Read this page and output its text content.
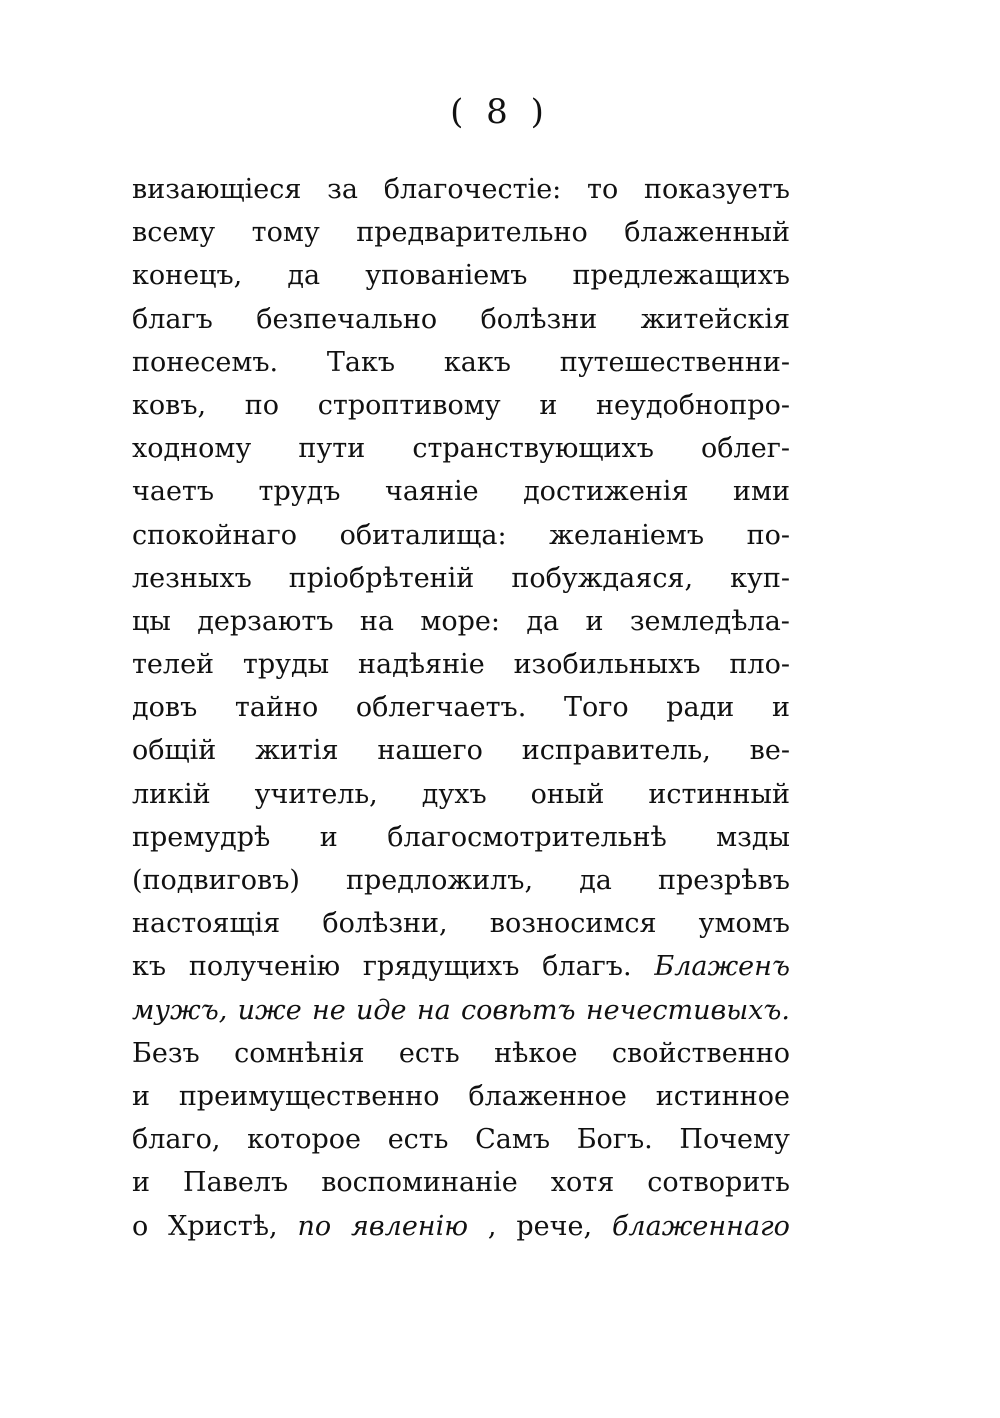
( 8 )
визающіеся за благочестіе: то показуетъ
всему тому предварительно блаженный
конецъ, да упованіемъ предлежащихъ
благъ безпечально болѣзни житейскія
понесемъ. Такъ какъ путешественни-
ковъ, по строптивому и неудобнопро-
ходному пути странствующихъ облег-
чаетъ трудъ чаяніе достиженія ими
спокойнаго обиталища: желаніемъ по-
лезныхъ пріобрѣтеній побуждаяся, куп-
цы дерзаютъ на море: да и земледѣла-
телей труды надѣяніе изобильныхъ пло-
довъ тайно облегчаетъ. Того ради и
общій житія нашего исправитель, ве-
ликій учитель, духъ оный истинный
премудрѣ и благосмотрительнѣ мзды
(подвиговъ) предложилъ, да презрѣвъ
настоящія болѣзни, возносимся умомъ
къ полученію грядущихъ благъ. Блаженъ
мужъ, иже не иде на совѣтъ нечестивыхъ.
Безъ сомнѣнія есть нѣкое свойственно
и преимущественно блаженное истинное
благо, которое есть Самъ Богъ. Почему
и Павелъ воспоминаніе хотя сотворить
о Христѣ, по явленію , рече, блаженнаго
